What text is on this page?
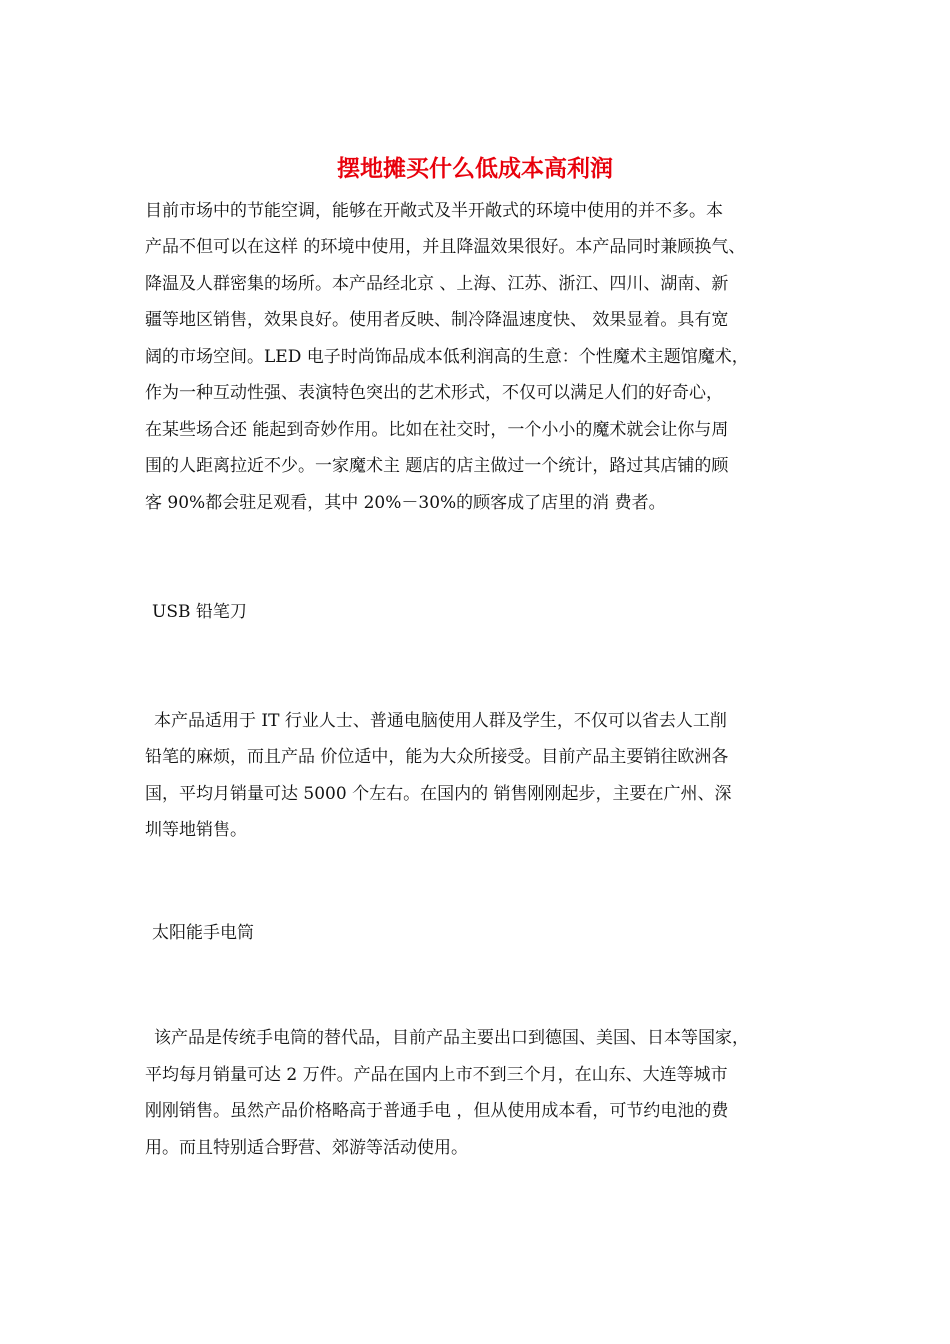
摆地摊买什么低成本高利润
目前市场中的节能空调，能够在开敞式及半开敞式的环境中使用的并不多。本
产品不但可以在这样 的环境中使用，并且降温效果很好。本产品同时兼顾换气、
降温及人群密集的场所。本产品经北京 、上海、江苏、浙江、四川、湖南、新
疆等地区销售，效果良好。使用者反映、制冷降温速度快、 效果显着。具有宽
阔的市场空间。LED 电子时尚饰品成本低利润高的生意：个性魔术主题馆魔术，
作为一种互动性强、表演特色突出的艺术形式，不仅可以满足人们的好奇心，
在某些场合还 能起到奇妙作用。比如在社交时，一个小小的魔术就会让你与周
围的人距离拉近不少。一家魔术主 题店的店主做过一个统计，路过其店铺的顾
客 90%都会驻足观看，其中 20%－30%的顾客成了店里的消 费者。
USB 铅笔刀
本产品适用于 IT 行业人士、普通电脑使用人群及学生，不仅可以省去人工削
铅笔的麻烦，而且产品 价位适中，能为大众所接受。目前产品主要销往欧洲各
国，平均月销量可达 5000 个左右。在国内的 销售刚刚起步，主要在广州、深
圳等地销售。
太阳能手电筒
该产品是传统手电筒的替代品，目前产品主要出口到德国、美国、日本等国家，
平均每月销量可达 2 万件。产品在国内上市不到三个月，在山东、大连等城市
刚刚销售。虽然产品价格略高于普通手电 ，但从使用成本看，可节约电池的费
用。而且特别适合野营、郊游等活动使用。
